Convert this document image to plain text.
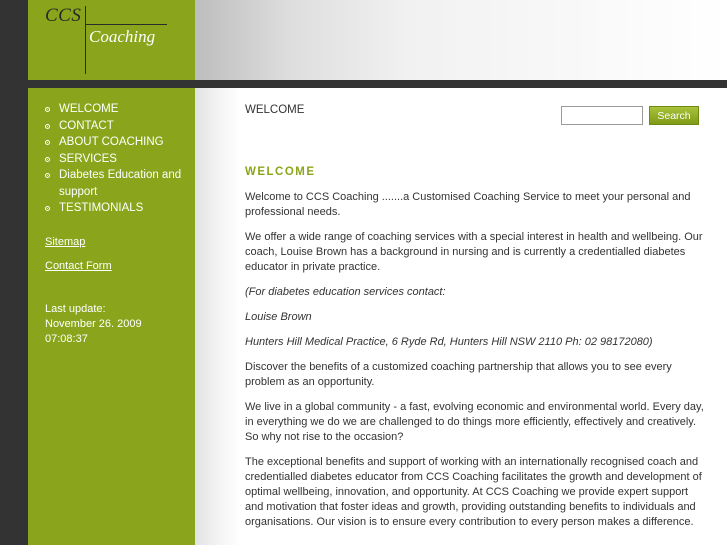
CCS
Coaching
WELCOME
CONTACT
ABOUT COACHING
SERVICES
Diabetes Education and support
TESTIMONIALS
Sitemap
Contact Form
Last update:
November 26. 2009
07:08:37
WELCOME	Search
WELCOME

Welcome to CCS Coaching .......a Customised Coaching Service to meet your personal and professional needs.

We offer a wide range of coaching services with a special interest in health and wellbeing. Our coach, Louise Brown has a background in nursing and is currently a credentialled diabetes educator in private practice.

(For diabetes education services contact:

Louise Brown

Hunters Hill Medical Practice, 6 Ryde Rd, Hunters Hill NSW 2110 Ph: 02 98172080)

Discover the benefits of a customized coaching partnership that allows you to see every problem as an opportunity.

We live in a global community - a fast, evolving economic and environmental world. Every day, in everything we do we are challenged to do things more efficiently, effectively and creatively. So why not rise to the occasion?

The exceptional benefits and support of working with an internationally recognised coach and credentialled diabetes educator from CCS Coaching facilitates the growth and development of optimal wellbeing, innovation, and opportunity. At CCS Coaching we provide expert support and motivation that foster ideas and growth, providing outstanding benefits to individuals and organisations. Our vision is to ensure every contribution to every person makes a difference.
